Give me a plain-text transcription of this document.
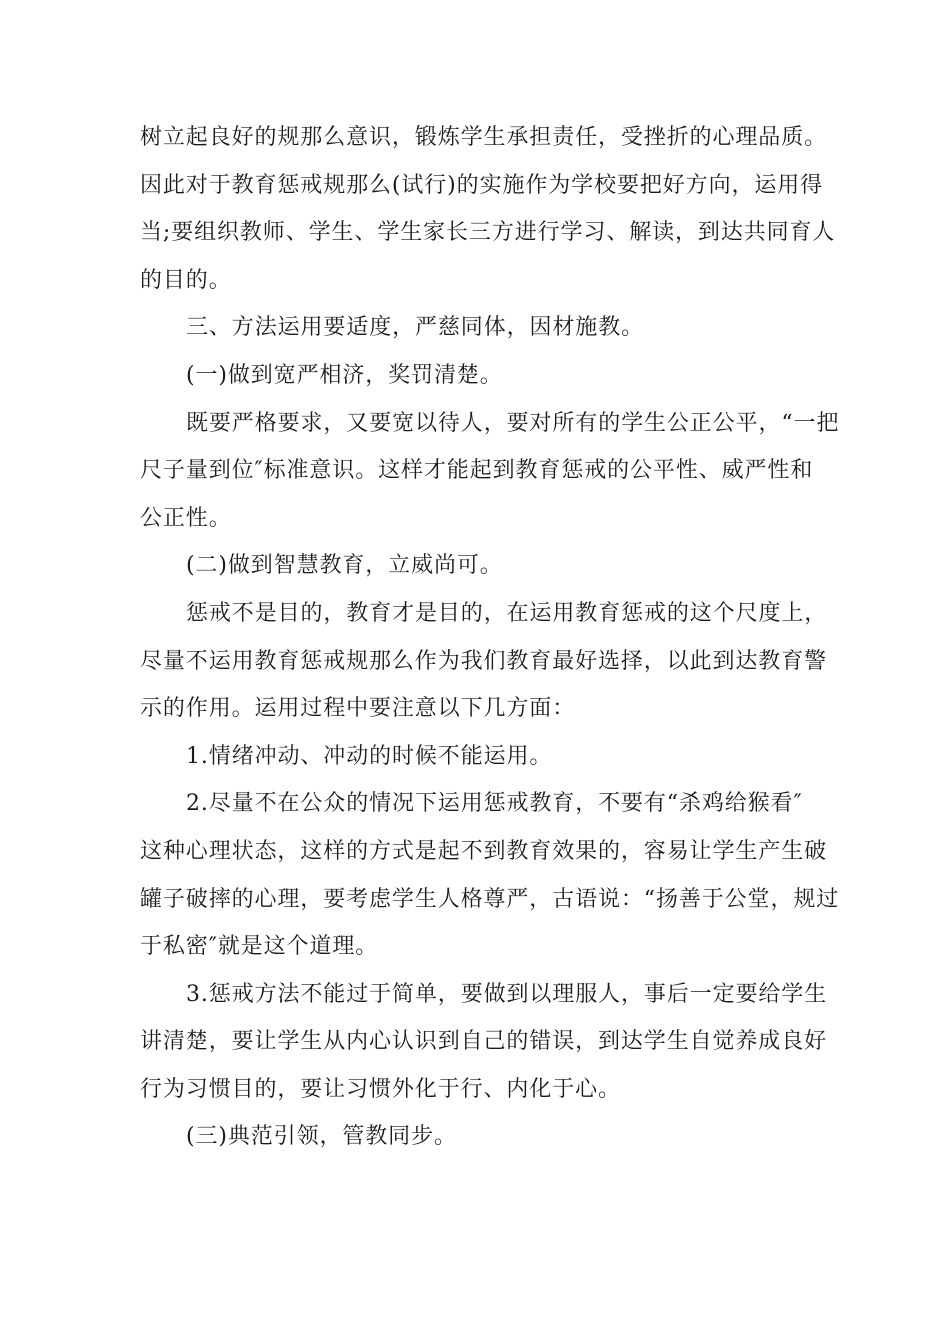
树立起良好的规那么意识，锻炼学生承担责任，受挫折的心理品质。
因此对于教育惩戒规那么(试行)的实施作为学校要把好方向，运用得
当;要组织教师、学生、学生家长三方进行学习、解读，到达共同育人
的目的。
三、方法运用要适度，严慈同体，因材施教。
(一)做到宽严相济，奖罚清楚。
既要严格要求，又要宽以待人，要对所有的学生公正公平，“一把
尺子量到位″标准意识。这样才能起到教育惩戒的公平性、威严性和
公正性。
(二)做到智慧教育，立威尚可。
惩戒不是目的，教育才是目的，在运用教育惩戒的这个尺度上，
尽量不运用教育惩戒规那么作为我们教育最好选择，以此到达教育警
示的作用。运用过程中要注意以下几方面：
1.情绪冲动、冲动的时候不能运用。
2.尽量不在公众的情况下运用惩戒教育，不要有“杀鸡给猴看″
这种心理状态，这样的方式是起不到教育效果的，容易让学生产生破
罐子破摔的心理，要考虑学生人格尊严，古语说：“扬善于公堂，规过
于私密″就是这个道理。
3.惩戒方法不能过于简单，要做到以理服人，事后一定要给学生
讲清楚，要让学生从内心认识到自己的错误，到达学生自觉养成良好
行为习惯目的，要让习惯外化于行、内化于心。
(三)典范引领，管教同步。
